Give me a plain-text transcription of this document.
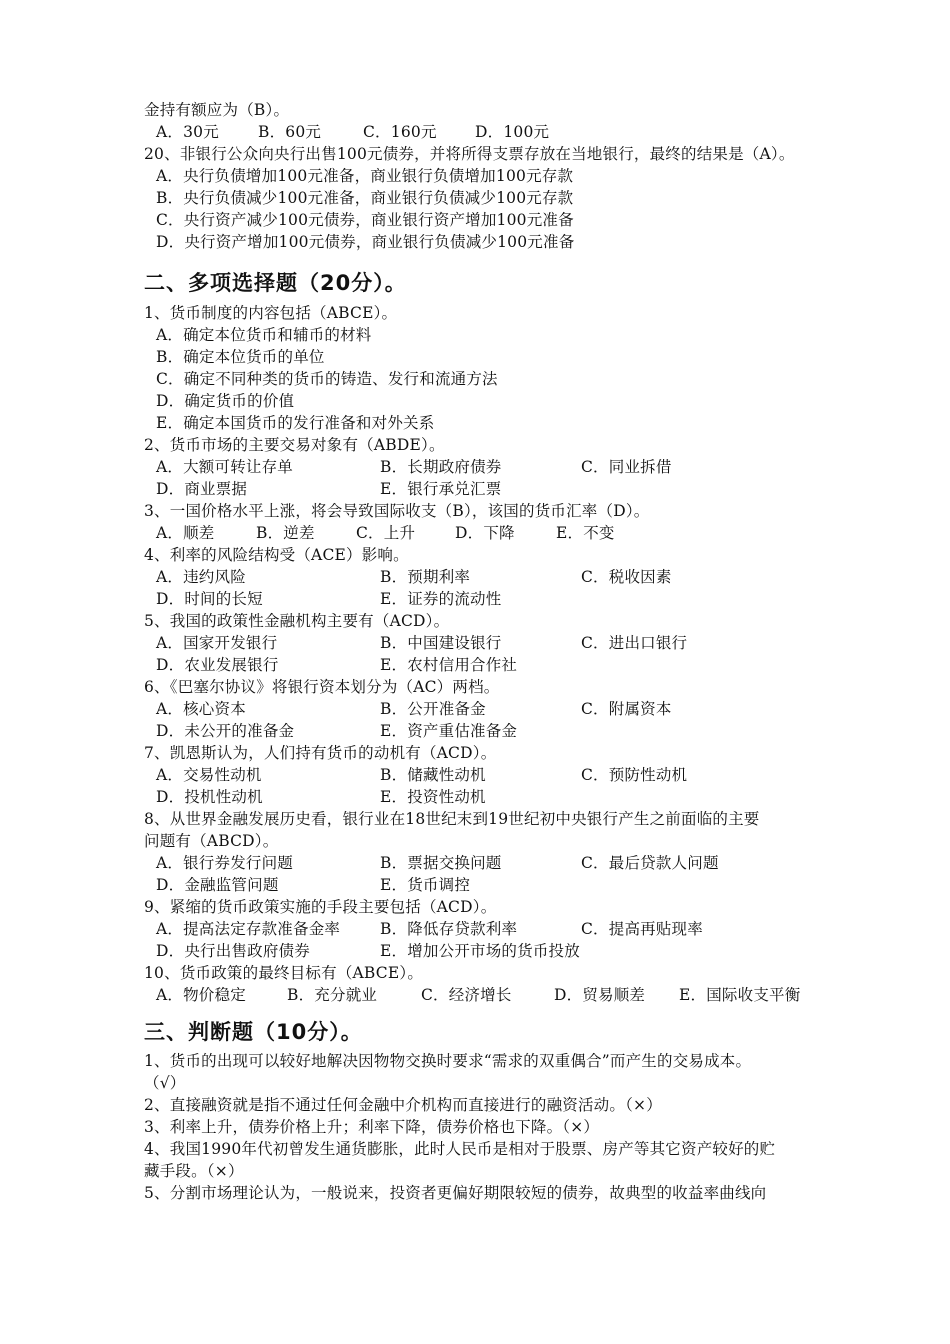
金持有额应为（B）。
A．30元	B．60元	C．160元 D．100元
20、非银行公众向央行出售100元债券，并将所得支票存放在当地银行，最终的结果是（A）。
A．央行负债增加100元准备，商业银行负债增加100元存款
B．央行负债减少100元准备，商业银行负债减少100元存款
C．央行资产减少100元债券，商业银行资产增加100元准备
D．央行资产增加100元债券，商业银行负债减少100元准备
二、多项选择题（20分）。
1、货币制度的内容包括（ABCE）。
A．确定本位货币和辅币的材料
B．确定本位货币的单位
C．确定不同种类的货币的铸造、发行和流通方法
D．确定货币的价值
E．确定本国货币的发行准备和对外关系
2、货币市场的主要交易对象有（ABDE）。
A．大额可转让存单	B．长期政府债券	C．同业拆借
D．商业票据	E．银行承兑汇票
3、一国价格水平上涨，将会导致国际收支（B），该国的货币汇率（D）。
A．顺差	B．逆差	C．上升	D．下降	E．不变
4、利率的风险结构受（ACE）影响。
A．违约风险	B．预期利率	C．税收因素
D．时间的长短	E．证券的流动性
5、我国的政策性金融机构主要有（ACD）。
A．国家开发银行	B．中国建设银行	C．进出口银行
D．农业发展银行	E．农村信用合作社
6、《巴塞尔协议》将银行资本划分为（AC）两档。
A．核心资本	B．公开准备金	C．附属资本
D．未公开的准备金	E．资产重估准备金
7、凯恩斯认为，人们持有货币的动机有（ACD）。
A．交易性动机	B．储藏性动机	C．预防性动机
D．投机性动机	E．投资性动机
8、从世界金融发展历史看，银行业在18世纪末到19世纪初中央银行产生之前面临的主要
问题有（ABCD）。
A．银行券发行问题	B．票据交换问题	C．最后贷款人问题
D．金融监管问题	E．货币调控
9、紧缩的货币政策实施的手段主要包括（ACD）。
A．提高法定存款准备金率	B．降低存贷款利率	C．提高再贴现率
D．央行出售政府债券	E．增加公开市场的货币投放
10、货币政策的最终目标有（ABCE）。
A．物价稳定	B．充分就业	C．经济增长	D．贸易顺差 E．国际收支平衡
三、判断题（10分）。
1、货币的出现可以较好地解决因物物交换时要求“需求的双重偶合”而产生的交易成本。
（√）
2、直接融资就是指不通过任何金融中介机构而直接进行的融资活动。（×）
3、利率上升，债券价格上升；利率下降，债券价格也下降。（×）
4、我国1990年代初曾发生通货膨胀，此时人民币是相对于股票、房产等其它资产较好的贮
藏手段。（×）
5、分割市场理论认为，一般说来，投资者更偏好期限较短的债券，故典型的收益率曲线向
